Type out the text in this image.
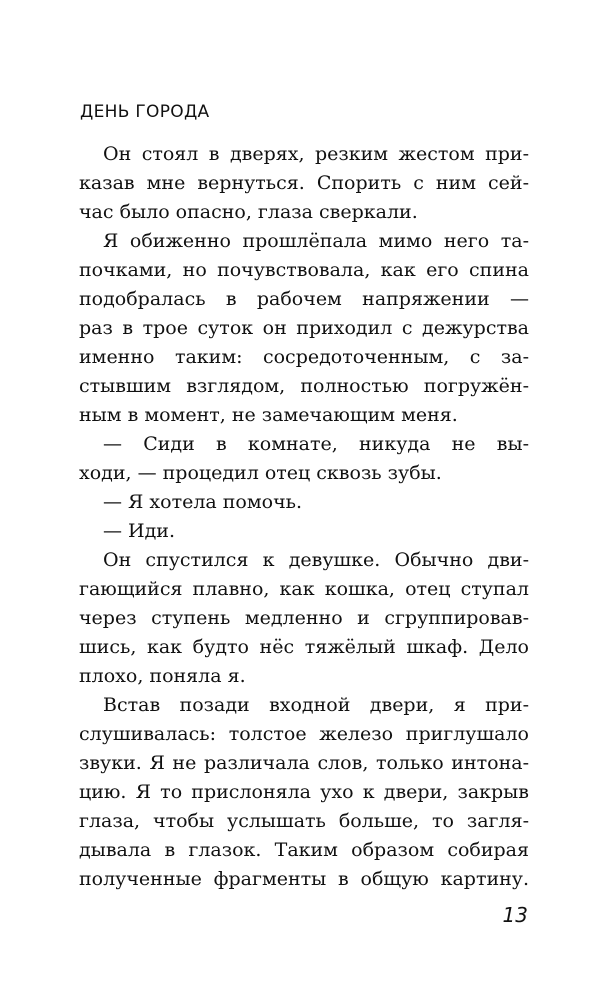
ДЕНЬ ГОРОДА
Он стоял в дверях, резким жестом при-
казав мне вернуться. Спорить с ним сей-
час было опасно, глаза сверкали.
Я обиженно прошлёпала мимо него та-
почками, но почувствовала, как его спина
подобралась в рабочем напряжении —
раз в трое суток он приходил с дежурства
именно таким: сосредоточенным, с за-
стывшим взглядом, полностью погружён-
ным в момент, не замечающим меня.
— Сиди в комнате, никуда не вы-
ходи, — процедил отец сквозь зубы.
— Я хотела помочь.
— Иди.
Он спустился к девушке. Обычно дви-
гающийся плавно, как кошка, отец ступал
через ступень медленно и сгруппировав-
шись, как будто нёс тяжёлый шкаф. Дело
плохо, поняла я.
Встав позади входной двери, я при-
слушивалась: толстое железо приглушало
звуки. Я не различала слов, только интона-
цию. Я то прислоняла ухо к двери, закрыв
глаза, чтобы услышать больше, то загля-
дывала в глазок. Таким образом собирая
полученные фрагменты в общую картину.
13
